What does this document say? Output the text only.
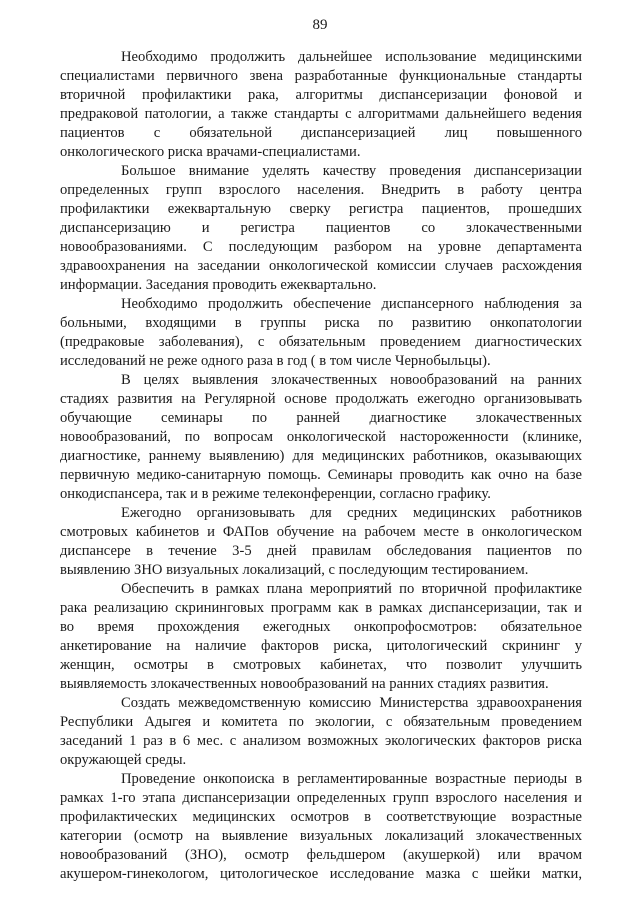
89
Необходимо продолжить дальнейшее использование медицинскими
специалистами первичного звена разработанные функциональные стандарты
вторичной профилактики рака, алгоритмы диспансеризации фоновой и
предраковой патологии, а также стандарты с алгоритмами дальнейшего ведения
пациентов с обязательной диспансеризацией лиц повышенного
онкологического риска врачами-специалистами.
Большое внимание уделять качеству проведения диспансеризации
определенных групп взрослого населения. Внедрить в работу центра
профилактики ежеквартальную сверку регистра пациентов, прошедших
диспансеризацию и регистра пациентов со злокачественными
новообразованиями. С последующим разбором на уровне департамента
здравоохранения на заседании онкологической комиссии случаев расхождения
информации. Заседания проводить ежеквартально.
Необходимо продолжить обеспечение диспансерного наблюдения за
больными, входящими в группы риска по развитию онкопатологии
(предраковые заболевания), с обязательным проведением диагностических
исследований не реже одного раза в год ( в том числе Чернобыльцы).
В целях выявления злокачественных новообразований на ранних
стадиях развития на Регулярной основе продолжать ежегодно организовывать
обучающие семинары по ранней диагностике злокачественных
новообразований, по вопросам онкологической настороженности (клинике,
диагностике, раннему выявлению) для медицинских работников, оказывающих
первичную медико-санитарную помощь. Семинары проводить как очно на базе
онкодиспансера, так и в режиме телеконференции, согласно графику.
Ежегодно организовывать для средних медицинских работников
смотровых кабинетов и ФАПов обучение на рабочем месте в онкологическом
диспансере в течение 3-5 дней правилам обследования пациентов по
выявлению ЗНО визуальных локализаций, с последующим тестированием.
Обеспечить в рамках плана мероприятий по вторичной профилактике
рака реализацию скрининговых программ как в рамках диспансеризации, так и
во время прохождения ежегодных онкопрофосмотров: обязательное
анкетирование на наличие факторов риска, цитологический скрининг у
женщин, осмотры в смотровых кабинетах, что позволит улучшить
выявляемость злокачественных новообразований на ранних стадиях развития.
Создать межведомственную комиссию Министерства здравоохранения
Республики Адыгея и комитета по экологии, с обязательным проведением
заседаний 1 раз в 6 мес. с анализом возможных экологических факторов риска
окружающей среды.
Проведение онкопоиска в регламентированные возрастные периоды в
рамках 1-го этапа диспансеризации определенных групп взрослого населения и
профилактических медицинских осмотров в соответствующие возрастные
категории (осмотр на выявление визуальных локализаций злокачественных
новообразований (ЗНО), осмотр фельдшером (акушеркой) или врачом
акушером-гинекологом, цитологическое исследование мазка с шейки матки,
